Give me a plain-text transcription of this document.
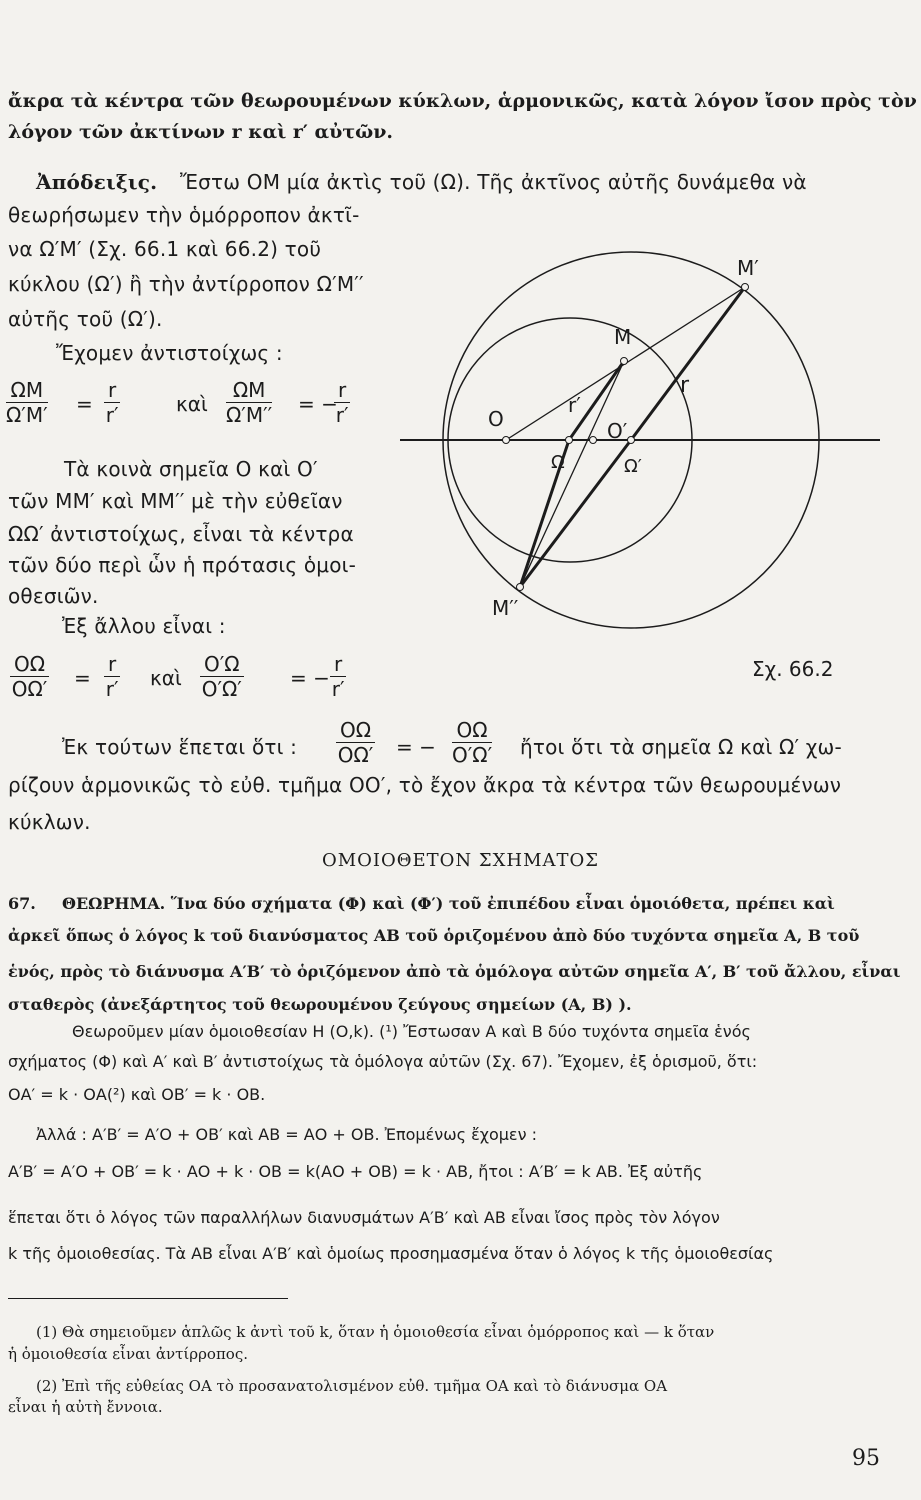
ἄκρα τὰ κέντρα τῶν θεωρουμένων κύκλων, ἁρμονικῶς, κατὰ λόγον ἴσον πρὸς τὸν

λόγον τῶν ἀκτίνων r καὶ r′ αὐτῶν.

Ἀπόδειξις. Ἔστω ΟΜ μία ἀκτὶς τοῦ (Ω). Τῆς ἀκτῖνος αὐτῆς δυνάμεθα νὰ

θεωρήσωμεν τὴν ὁμόρροπον ἀκτῖ-

να Ω′Μ′ (Σχ. 66.1 καὶ 66.2) τοῦ

κύκλου (Ω′) ἢ τὴν ἀντίρροπον Ω′Μ′′

αὐτῆς τοῦ (Ω′).

Ἔχομεν ἀντιστοίχως :

$\frac{\Omega M}{\Omega'M'} = \frac{r}{r'}$	καὶ $\frac{\Omega M}{\Omega'M''}$ = −
$\frac{r}{r'}$

Τὰ κοινὰ σημεῖα Ο καὶ Ο′

τῶν ΜΜ′ καὶ ΜΜ′′ μὲ τὴν εὐθεῖαν

ΩΩ′ ἀντιστοίχως, εἶναι τὰ κέντρα

τῶν δύο περὶ ὧν ἡ πρότασις ὁμοι-

οθεσιῶν.

Ἐξ ἄλλου εἶναι :

$\frac{O\Omega}{O\Omega'} = \frac{r}{r'}$ καὶ $\frac{O'\Omega}{O'\Omega'}$ = − $\frac{r}{r'}$

Ἐκ τούτων ἕπεται ὅτι : $\frac{O\Omega}{O\Omega'}$ = − $\frac{O\Omega}{O'\Omega'}$ ἤτοι ὅτι τὰ σημεῖα Ω καὶ Ω′ χω-

ρίζουν ἁρμονικῶς τὸ εὐθ. τμῆμα ΟΟ′, τὸ ἔχον ἄκρα τὰ κέντρα τῶν θεωρουμένων

κύκλων.

ΟΜΟΙΟΘΕΤΟΝ ΣΧΗΜΑΤΟΣ

67. ΘΕΩΡΗΜΑ. Ἵνα δύο σχήματα (Φ) καὶ (Φ′) τοῦ ἐπιπέδου εἶναι ὁμοιόθετα, πρέπει καὶ

ἀρκεῖ ὅπως ὁ λόγος k τοῦ διανύσματος ΑΒ τοῦ ὁριζομένου ἀπὸ δύο τυχόντα σημεῖα Α, Β τοῦ

ἑνός, πρὸς τὸ διάνυσμα Α′Β′ τὸ ὁριζόμενον ἀπὸ τὰ ὁμόλογα αὐτῶν σημεῖα Α′, Β′ τοῦ ἄλλου, εἶναι

σταθερὸς (ἀνεξάρτητος τοῦ θεωρουμένου ζεύγους σημείων (Α, Β) ).

Θεωροῦμεν μίαν ὁμοιοθεσίαν Η (Ο,k). (¹) Ἔστωσαν Α καὶ Β δύο τυχόντα σημεῖα ἑνός

σχήματος (Φ) καὶ Α′ καὶ Β′ ἀντιστοίχως τὰ ὁμόλογα αὐτῶν (Σχ. 67). Ἔχομεν, ἐξ ὁρισμοῦ, ὅτι:

ΟΑ′ = k · ΟΑ(²) καὶ ΟΒ′ = k · ΟΒ.

Ἀλλά : Α′Β′ = Α′Ο + ΟΒ′ καὶ ΑΒ = ΑΟ + ΟΒ. Ἐπομένως ἔχομεν :

Α′Β′ = Α′Ο + ΟΒ′ = k · ΑΟ + k · ΟΒ = k(ΑΟ + ΟΒ) = k · ΑΒ, ἤτοι : Α′Β′ = k ΑΒ. Ἐξ αὐτῆς

ἕπεται ὅτι ὁ λόγος τῶν παραλλήλων διανυσμάτων Α′Β′ καὶ ΑΒ εἶναι ἴσος πρὸς τὸν λόγον

k τῆς ὁμοιοθεσίας. Τὰ ΑΒ εἶναι Α′Β′ καὶ ὁμοίως προσημασμένα ὅταν ὁ λόγος k τῆς ὁμοιοθεσίας

(1) Θὰ σημειοῦμεν ἁπλῶς k ἀντὶ τοῦ k, ὅταν ἡ ὁμοιοθεσία εἶναι ὁμόρροπος καὶ — k ὅταν

ἡ ὁμοιοθεσία εἶναι ἀντίρροπος.

(2) Ἐπὶ τῆς εὐθείας ΟΑ τὸ προσανατολισμένον εὐθ. τμῆμα ΟΑ καὶ τὸ διάνυσμα ΟΑ

εἶναι ἡ αὐτὴ ἔννοια.

95
M′
M
r
O	O′
r′
Ω	Ω′
M′′
Σχ. 66.2
